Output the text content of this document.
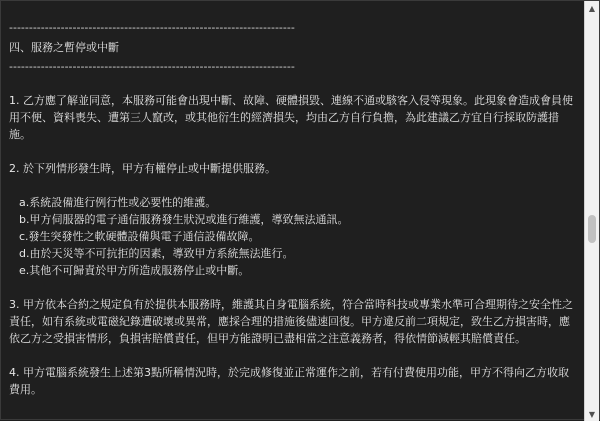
------------------------------------------------------------------------
四、服務之暫停或中斷
------------------------------------------------------------------------

1. 乙方應了解並同意，本服務可能會出現中斷、故障、硬體損毀、連線不通或駭客入侵等現象。此現象會造成會員使用不便、資料喪失、遭第三人竄改，或其他衍生的經濟損失，均由乙方自行負擔，為此建議乙方宜自行採取防護措施。

2. 於下列情形發生時，甲方有權停止或中斷提供服務。

a.系統設備進行例行性或必要性的維護。
b.甲方伺服器的電子通信服務發生狀況或進行維護，導致無法通訊。
c.發生突發性之軟硬體設備與電子通信設備故障。
d.由於天災等不可抗拒的因素，導致甲方系統無法進行。
e.其他不可歸責於甲方所造成服務停止或中斷。

3. 甲方依本合約之規定負有於提供本服務時，維護其自身電腦系統，符合當時科技或專業水準可合理期待之安全性之責任，如有系統或電磁紀錄遭破壞或異常，應採合理的措施後儘速回復。甲方違反前二項規定，致生乙方損害時，應依乙方之受損害情形，負損害賠償責任，但甲方能證明已盡相當之注意義務者，得依情節減輕其賠償責任。

4. 甲方電腦系統發生上述第3點所稱情況時，於完成修復並正常運作之前，若有付費使用功能，甲方不得向乙方收取費用。

▲
▼
